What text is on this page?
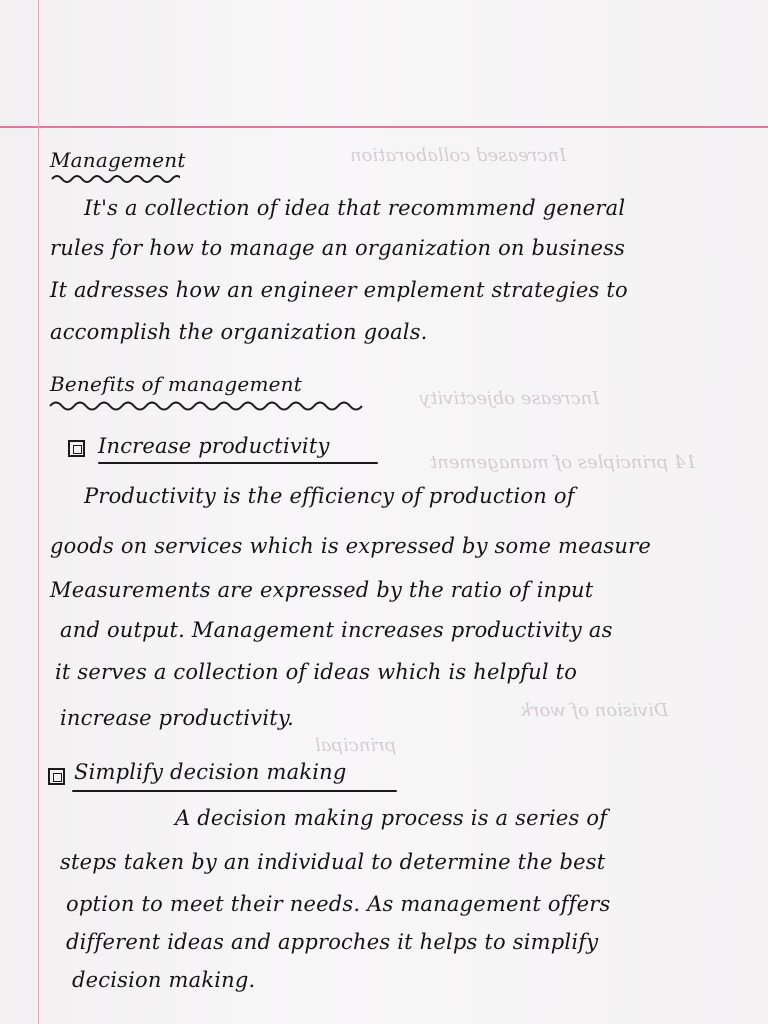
Increased collaboration
Increase objectivity
14 principles of management
Division of work
principal
Management
It's a collection of idea that recommmend general
rules for how to manage an organization on business
It adresses how an engineer emplement strategies to
accomplish the organization goals.
Benefits of management
Increase productivity
Productivity is the efficiency of production of
goods on services which is expressed by some measure
Measurements are expressed by the ratio of input
and output. Management increases productivity as
it serves a collection of ideas which is helpful to
increase productivity.
Simplify decision making
A decision making process is a series of
steps taken by an individual to determine the best
option to meet their needs. As management offers
different ideas and approches it helps to simplify
decision making.
